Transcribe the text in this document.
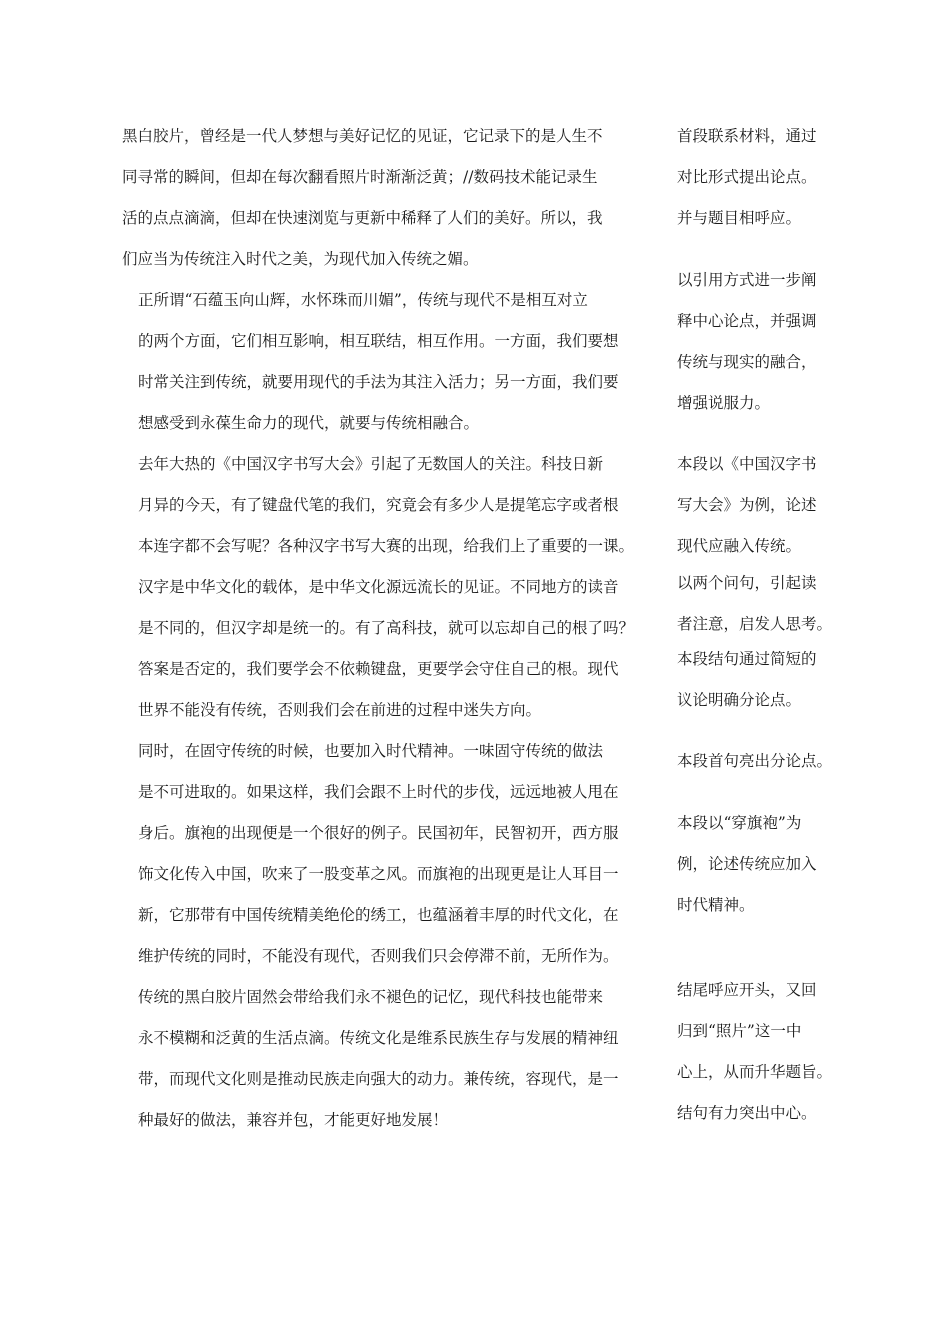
黑白胶片，曾经是一代人梦想与美好记忆的见证，它记录下的是人生不
同寻常的瞬间，但却在每次翻看照片时渐渐泛黄；//数码技术能记录生
活的点点滴滴，但却在快速浏览与更新中稀释了人们的美好。所以，我
们应当为传统注入时代之美，为现代加入传统之媚。

正所谓“石蕴玉向山辉，水怀珠而川媚”，传统与现代不是相互对立
的两个方面，它们相互影响，相互联结，相互作用。一方面，我们要想
时常关注到传统，就要用现代的手法为其注入活力；另一方面，我们要
想感受到永葆生命力的现代，就要与传统相融合。

去年大热的《中国汉字书写大会》引起了无数国人的关注。科技日新
月异的今天，有了键盘代笔的我们，究竟会有多少人是提笔忘字或者根
本连字都不会写呢？各种汉字书写大赛的出现，给我们上了重要的一课。
汉字是中华文化的载体，是中华文化源远流长的见证。不同地方的读音
是不同的，但汉字却是统一的。有了高科技，就可以忘却自己的根了吗？
答案是否定的，我们要学会不依赖键盘，更要学会守住自己的根。现代
世界不能没有传统，否则我们会在前进的过程中迷失方向。

同时，在固守传统的时候，也要加入时代精神。一味固守传统的做法
是不可进取的。如果这样，我们会跟不上时代的步伐，远远地被人甩在
身后。旗袍的出现便是一个很好的例子。民国初年，民智初开，西方服
饰文化传入中国，吹来了一股变革之风。而旗袍的出现更是让人耳目一
新，它那带有中国传统精美绝伦的绣工，也蕴涵着丰厚的时代文化，在
维护传统的同时，不能没有现代，否则我们只会停滞不前，无所作为。

传统的黑白胶片固然会带给我们永不褪色的记忆，现代科技也能带来
永不模糊和泛黄的生活点滴。传统文化是维系民族生存与发展的精神纽
带，而现代文化则是推动民族走向强大的动力。兼传统，容现代，是一
种最好的做法，兼容并包，才能更好地发展！

首段联系材料，通过
对比形式提出论点。
并与题目相呼应。
以引用方式进一步阐
释中心论点，并强调
传统与现实的融合，
增强说服力。
本段以《中国汉字书
写大会》为例，论述
现代应融入传统。
以两个问句，引起读
者注意，启发人思考。
本段结句通过简短的
议论明确分论点。
本段首句亮出分论点。
本段以“穿旗袍”为
例，论述传统应加入
时代精神。
结尾呼应开头，又回
归到“照片”这一中
心上，从而升华题旨。
结句有力突出中心。
